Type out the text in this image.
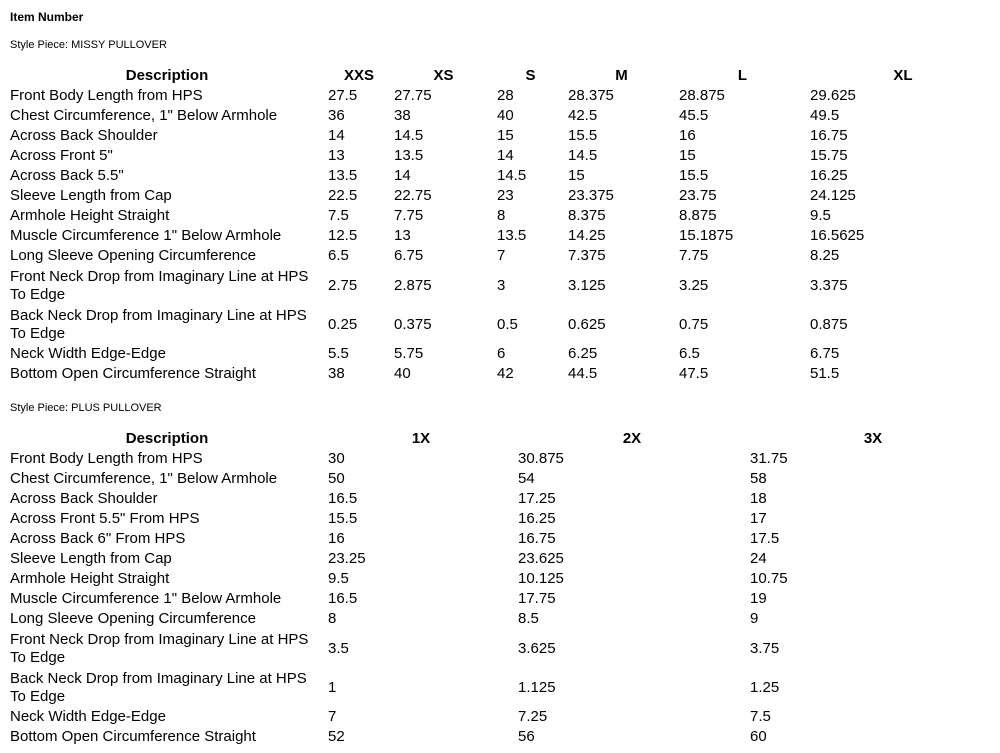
Item Number

Style Piece: MISSY PULLOVER

Description	XXS	XS	S	M	L	XL
Front Body Length from HPS	27.5	27.75	28	28.375	28.875	29.625
Chest Circumference, 1" Below Armhole	36	38	40	42.5	45.5	49.5
Across Back Shoulder	14	14.5	15	15.5	16	16.75
Across Front 5"	13	13.5	14	14.5	15	15.75
Across Back 5.5"	13.5	14	14.5	15	15.5	16.25
Sleeve Length from Cap	22.5	22.75	23	23.375	23.75	24.125
Armhole Height Straight	7.5	7.75	8	8.375	8.875	9.5
Muscle Circumference 1" Below Armhole	12.5	13	13.5	14.25	15.1875	16.5625
Long Sleeve Opening Circumference	6.5	6.75	7	7.375	7.75	8.25
Front Neck Drop from Imaginary Line at HPS To Edge	2.75	2.875	3	3.125	3.25	3.375
Back Neck Drop from Imaginary Line at HPS To Edge	0.25	0.375	0.5	0.625	0.75	0.875
Neck Width Edge-Edge	5.5	5.75	6	6.25	6.5	6.75
Bottom Open Circumference Straight	38	40	42	44.5	47.5	51.5

Style Piece: PLUS PULLOVER

Description	1X	2X	3X
Front Body Length from HPS	30	30.875	31.75
Chest Circumference, 1" Below Armhole	50	54	58
Across Back Shoulder	16.5	17.25	18
Across Front 5.5" From HPS	15.5	16.25	17
Across Back 6" From HPS	16	16.75	17.5
Sleeve Length from Cap	23.25	23.625	24
Armhole Height Straight	9.5	10.125	10.75
Muscle Circumference 1" Below Armhole	16.5	17.75	19
Long Sleeve Opening Circumference	8	8.5	9
Front Neck Drop from Imaginary Line at HPS To Edge	3.5	3.625	3.75
Back Neck Drop from Imaginary Line at HPS To Edge	1	1.125	1.25
Neck Width Edge-Edge	7	7.25	7.5
Bottom Open Circumference Straight	52	56	60
